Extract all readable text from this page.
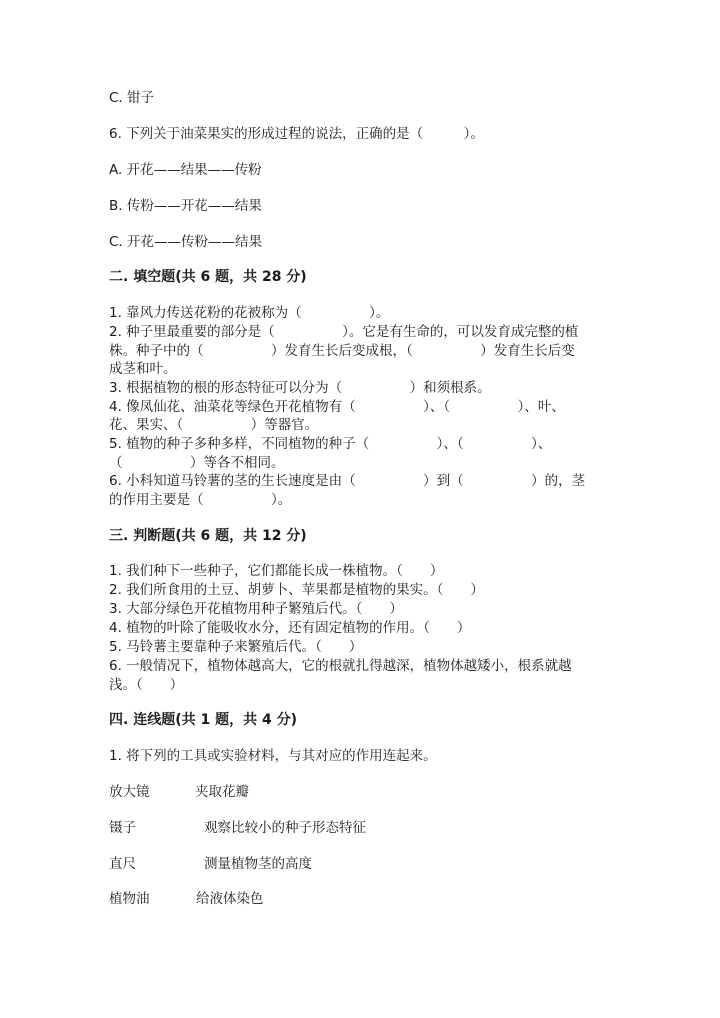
C. 钳子

6. 下列关于油菜果实的形成过程的说法，正确的是（　　　）。

A. 开花——结果——传粉

B. 传粉——开花——结果

C. 开花——传粉——结果

二. 填空题(共 6 题，共 28 分)

1. 靠风力传送花粉的花被称为（　　　　　）。

2. 种子里最重要的部分是（　　　　　）。它是有生命的，可以发育成完整的植

株。种子中的（　　　　　）发育生长后变成根，（　　　　　）发育生长后变

成茎和叶。

3. 根据植物的根的形态特征可以分为（　　　　　）和须根系。

4. 像凤仙花、油菜花等绿色开花植物有（　　　　　）、（　　　　　）、叶、

花、果实、（　　　　　）等器官。

5. 植物的种子多种多样，不同植物的种子（　　　　　）、（　　　　　）、

（　　　　　）等各不相同。

6. 小科知道马铃薯的茎的生长速度是由（　　　　　）到（　　　　　）的，茎

的作用主要是（　　　　　）。

三. 判断题(共 6 题，共 12 分)

1. 我们种下一些种子，它们都能长成一株植物。（　　）

2. 我们所食用的土豆、胡萝卜、苹果都是植物的果实。（　　）

3. 大部分绿色开花植物用种子繁殖后代。（　　）

4. 植物的叶除了能吸收水分，还有固定植物的作用。（　　）

5. 马铃薯主要靠种子来繁殖后代。（　　）

6. 一般情况下，植物体越高大，它的根就扎得越深，植物体越矮小，根系就越

浅。（　　）

四. 连线题(共 1 题，共 4 分)

1. 将下列的工具或实验材料，与其对应的作用连起来。

放大镜	夹取花瓣
镊子	观察比较小的种子形态特征
直尺	测量植物茎的高度
植物油	给液体染色
